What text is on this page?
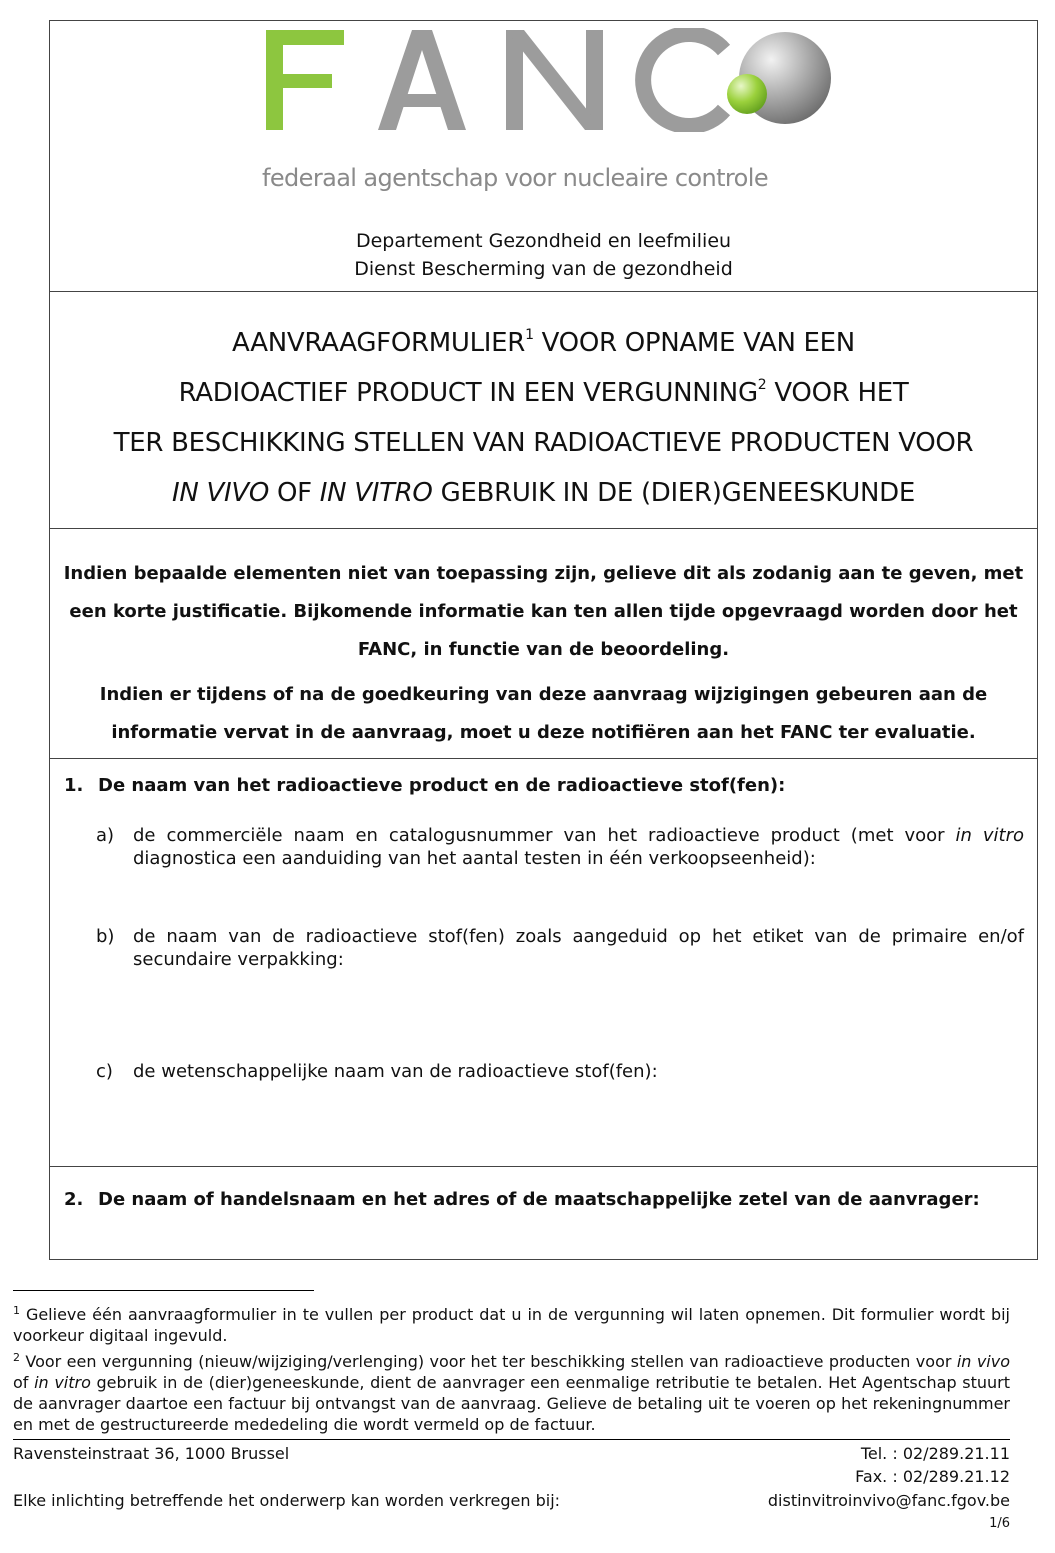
federaal agentschap voor nucleaire controle
Departement Gezondheid en leefmilieu
Dienst Bescherming van de gezondheid
AANVRAAGFORMULIER$^1$ VOOR OPNAME VAN EEN
RADIOACTIEF PRODUCT IN EEN VERGUNNING$^2$ VOOR HET
TER BESCHIKKING STELLEN VAN RADIOACTIEVE PRODUCTEN VOOR
IN VIVO OF IN VITRO GEBRUIK IN DE (DIER)GENEESKUNDE
Indien bepaalde elementen niet van toepassing zijn, gelieve dit als zodanig aan te geven, met een korte justificatie. Bijkomende informatie kan ten allen tijde opgevraagd worden door het FANC, in functie van de beoordeling.
Indien er tijdens of na de goedkeuring van deze aanvraag wijzigingen gebeuren aan de informatie vervat in de aanvraag, moet u deze notifiëren aan het FANC ter evaluatie.
1. De naam van het radioactieve product en de radioactieve stof(fen):
a) de commerciële naam en catalogusnummer van het radioactieve product (met voor in vitro diagnostica een aanduiding van het aantal testen in één verkoopseenheid):
b) de naam van de radioactieve stof(fen) zoals aangeduid op het etiket van de primaire en/of secundaire verpakking:
c) de wetenschappelijke naam van de radioactieve stof(fen):
2. De naam of handelsnaam en het adres of de maatschappelijke zetel van de aanvrager:
$^1$ Gelieve één aanvraagformulier in te vullen per product dat u in de vergunning wil laten opnemen. Dit formulier wordt bij voorkeur digitaal ingevuld.
$^2$ Voor een vergunning (nieuw/wijziging/verlenging) voor het ter beschikking stellen van radioactieve producten voor in vivo of in vitro gebruik in de (dier)geneeskunde, dient de aanvrager een eenmalige retributie te betalen. Het Agentschap stuurt de aanvrager daartoe een factuur bij ontvangst van de aanvraag. Gelieve de betaling uit te voeren op het rekeningnummer en met de gestructureerde mededeling die wordt vermeld op de factuur.
Ravensteinstraat 36, 1000 Brussel	Tel. : 02/289.21.11
Fax. : 02/289.21.12
Elke inlichting betreffende het onderwerp kan worden verkregen bij:	distinvitroinvivo@fanc.fgov.be
1/6
